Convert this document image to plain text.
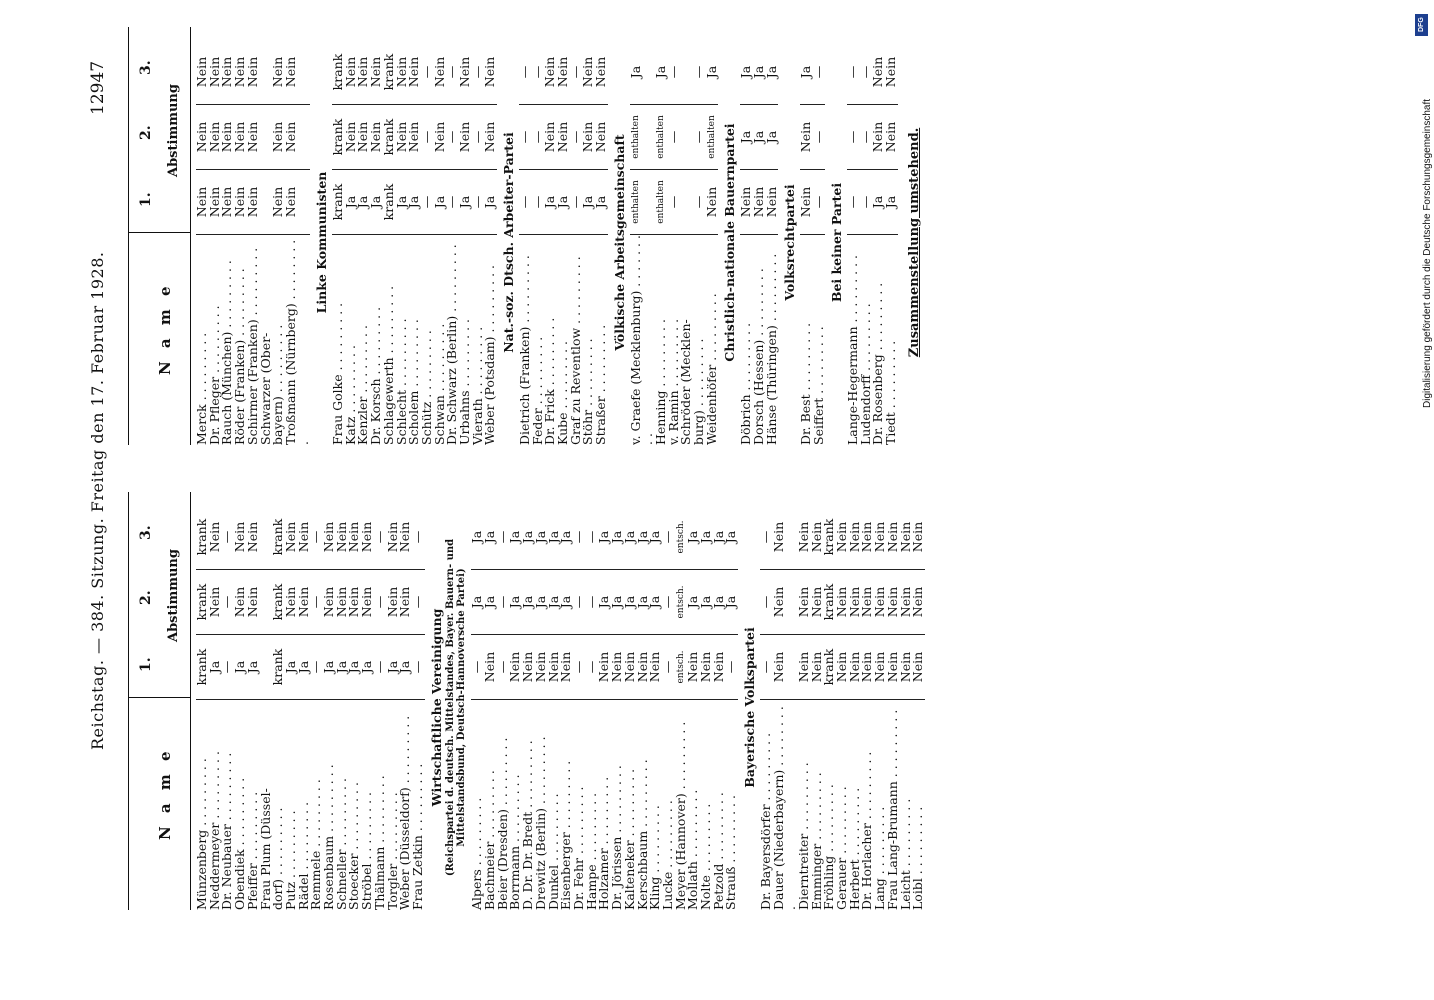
Reichstag. — 384. Sitzung. Freitag den 17. Februar 1928.
12947
N a m e
1.
2.
3.
Abstimmung
Münzenberg . . . . . . . . .	krank	krank	krank
Neddermeyer . . . . . . . . .	Ja	Nein	Nein
Dr. Neubauer . . . . . . . . .	—	—	—
Obendiek . . . . . . . . .	Ja	Nein	Nein
Pfeiffer . . . . . . . . .	Ja	Nein	Nein
Frau Plum (Düssel-			
dorf) . . . . . . . . .	krank	krank	krank
Putz . . . . . . . . .	Ja	Nein	Nein
Rädel . . . . . . . . .	Ja	Nein	Nein
Remmele . . . . . . . . .	—	—	—
Rosenbaum . . . . . . . . .	Ja	Nein	Nein
Schneller . . . . . . . . .	Ja	Nein	Nein
Stoecker . . . . . . . . .	Ja	Nein	Nein
Ströbel . . . . . . . . .	Ja	Nein	Nein
Thälmann . . . . . . . . .	—	—	—
Torgler . . . . . . . . .	Ja	Nein	Nein
Weber (Düsseldorf) . . . . . . . . .	Ja	Nein	Nein
Frau Zetkin . . . . . . . . .	—	—	—
Wirtschaftliche Vereinigung			
(Reichspartei d. deutsch. Mittelstandes, Bayer. Bauern- und Mittelstandsbund, Deutsch-Hannoversche Partei)			
Alpers . . . . . . . . .	—	Ja	Ja
Bachmeier . . . . . . . . .	Nein	Ja	Ja
Beier (Dresden) . . . . . . . . .	—	—	—
Borrmann . . . . . . . . .	Nein	Ja	Ja
D. Dr. Dr. Bredt . . . . . . . . .	Nein	Ja	Ja
Drewitz (Berlin) . . . . . . . . .	Nein	Ja	Ja
Dunkel . . . . . . . . .	Nein	Ja	Ja
Eisenberger . . . . . . . . .	Nein	Ja	Ja
Dr. Fehr . . . . . . . . .	—	—	—
Hampe . . . . . . . . .	—	—	—
Holzamer . . . . . . . . .	Nein	Ja	Ja
Dr. Jörissen . . . . . . . . .	Nein	Ja	Ja
Kalteneker . . . . . . . . .	Nein	Ja	Ja
Kerschbaum . . . . . . . . .	Nein	Ja	Ja
Kling . . . . . . . . .	Nein	Ja	Ja
Lucke . . . . . . . . .	—	—	—
Meyer (Hannover) . . . . . . . . .	entsch.	entsch.	entsch.
Mollath . . . . . . . . .	Nein	Ja	Ja
Nolte . . . . . . . . .	Nein	Ja	Ja
Petzold . . . . . . . . .	Nein	Ja	Ja
Strauß . . . . . . . . .	—	Ja	Ja
Bayerische Volkspartei			
Dr. Bayersdörfer . . . . . . . . .	—	—	—
Dauer (Niederbayern) . . . . . . . . .	Nein	Nein	Nein
Dierntreiter . . . . . . . . .	Nein	Nein	Nein
Emminger . . . . . . . . .	Nein	Nein	Nein
Fröhling . . . . . . . . .	krank	krank	krank
Gerauer . . . . . . . . .	Nein	Nein	Nein
Herbert . . . . . . . . .	Nein	Nein	Nein
Dr. Horlacher . . . . . . . . .	Nein	Nein	Nein
Lang . . . . . . . . .	Nein	Nein	Nein
Frau Lang-Brumann . . . . . . . . .	Nein	Nein	Nein
Leicht . . . . . . . . .	Nein	Nein	Nein
Loibl . . . . . . . . .	Nein	Nein	Nein
N a m e
1.
2.
3.
Abstimmung
Merck . . . . . . . . .	Nein	Nein	Nein
Dr. Pfleger . . . . . . . . .	Nein	Nein	Nein
Rauch (München) . . . . . . . . .	Nein	Nein	Nein
Röder (Franken) . . . . . . . . .	Nein	Nein	Nein
Schirmer (Franken) . . . . . . . . .	Nein	Nein	Nein
Schwarzer (Ober-			
bayern) . . . . . . . . .	Nein	Nein	Nein
Troßmann (Nürnberg) . . . . . . . . .	Nein	Nein	Nein
Linke Kommunisten			
Frau Golke . . . . . . . . .	krank	krank	krank
Katz . . . . . . . . .	Ja	Nein	Nein
Kenzler . . . . . . . . .	Ja	Nein	Nein
Dr. Korsch . . . . . . . . .	Ja	Nein	Nein
Schlagewerth . . . . . . . . .	krank	krank	krank
Schlecht . . . . . . . . .	Ja	Nein	Nein
Scholem . . . . . . . . .	Ja	Nein	Nein
Schütz . . . . . . . . .	—	—	—
Schwan . . . . . . . . .	Ja	Nein	Nein
Dr. Schwarz (Berlin) . . . . . . . . .	—	—	—
Urbahns . . . . . . . . .	Ja	Nein	Nein
Vierath . . . . . . . . .	—	—	—
Weber (Potsdam) . . . . . . . . .	Ja	Nein	Nein
Nat.-soz. Dtsch. Arbeiter-Partei			
Dietrich (Franken) . . . . . . . . .	—	—	—
Feder . . . . . . . . .	—	—	—
Dr. Frick . . . . . . . . .	Ja	Nein	Nein
Kube . . . . . . . . .	Ja	Nein	Nein
Graf zu Reventlow . . . . . . . . .	—	—	—
Stöhr . . . . . . . . .	Ja	Nein	Nein
Straßer . . . . . . . . .	Ja	Nein	Nein
Völkische Arbeitsgemeinschaft			
v. Graefe (Mecklenburg) . . . . . . . . .	enthalten	enthalten	Ja
Henning . . . . . . . . .	enthalten	enthalten	Ja
v. Ramin . . . . . . . . .	—	—	—
Schröder (Mecklen-			
burg) . . . . . . . . .	—	—	—
Weidenhöfer . . . . . . . . .	Nein	enthalten	Ja
Christlich-nationale Bauernpartei			
Döbrich . . . . . . . . .	Nein	Ja	Ja
Dorsch (Hessen) . . . . . . . . .	Nein	Ja	Ja
Hänse (Thüringen) . . . . . . . . .	Nein	Ja	Ja
Volksrechtpartei			
Dr. Best . . . . . . . . .	Nein	Nein	Ja
Seiffert . . . . . . . . .	—	—	—
Bei keiner Partei			
Lange-Hegermann . . . . . . . . .	—	—	—
Ludendorff . . . . . . . . .	—	—	—
Dr. Rosenberg . . . . . . . . .	Ja	Nein	Nein
Tiedt . . . . . . . . .	Ja	Nein	Nein
Zusammenstellung umstehend.			
DFG
Digitalisierung gefördert durch die Deutsche Forschungsgemeinschaft
